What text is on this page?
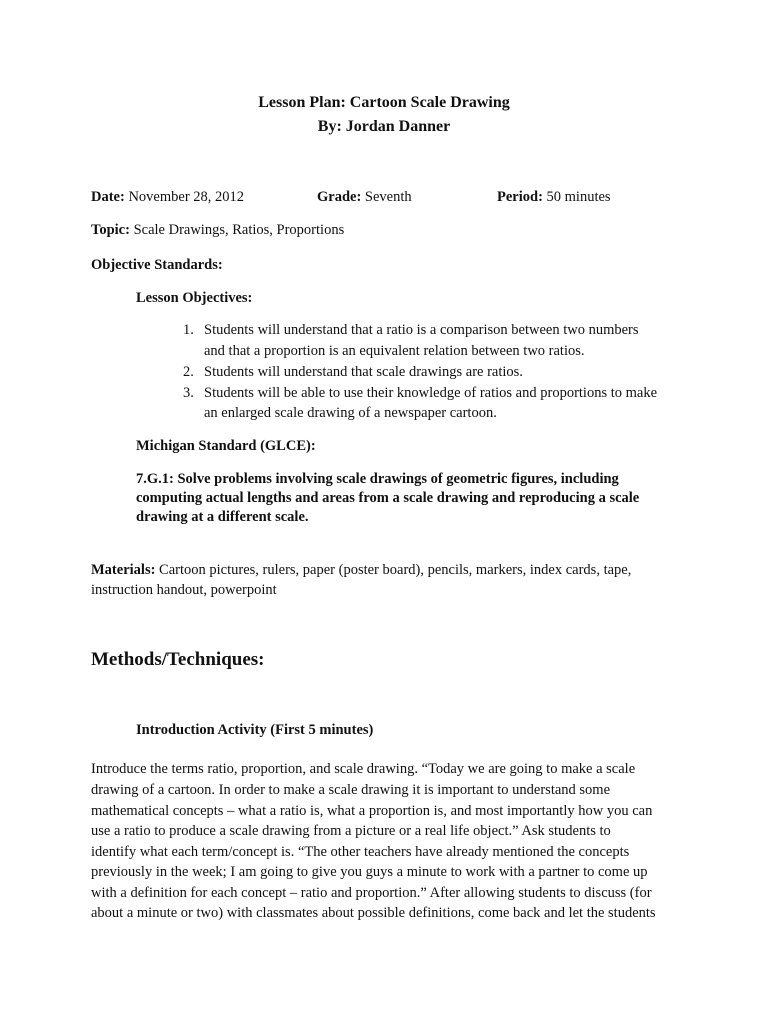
Lesson Plan: Cartoon Scale Drawing
By: Jordan Danner
Date: November 28, 2012	Grade: Seventh	Period: 50 minutes
Topic: Scale Drawings, Ratios, Proportions
Objective Standards:
Lesson Objectives:
1. Students will understand that a ratio is a comparison between two numbers
and that a proportion is an equivalent relation between two ratios.
2. Students will understand that scale drawings are ratios.
3. Students will be able to use their knowledge of ratios and proportions to make
an enlarged scale drawing of a newspaper cartoon.
Michigan Standard (GLCE):
7.G.1: Solve problems involving scale drawings of geometric figures, including
computing actual lengths and areas from a scale drawing and reproducing a scale
drawing at a different scale.
Materials: Cartoon pictures, rulers, paper (poster board), pencils, markers, index cards, tape,
instruction handout, powerpoint
Methods/Techniques:
Introduction Activity (First 5 minutes)
Introduce the terms ratio, proportion, and scale drawing. “Today we are going to make a scale
drawing of a cartoon. In order to make a scale drawing it is important to understand some
mathematical concepts – what a ratio is, what a proportion is, and most importantly how you can
use a ratio to produce a scale drawing from a picture or a real life object.” Ask students to
identify what each term/concept is. “The other teachers have already mentioned the concepts
previously in the week; I am going to give you guys a minute to work with a partner to come up
with a definition for each concept – ratio and proportion.” After allowing students to discuss (for
about a minute or two) with classmates about possible definitions, come back and let the students
